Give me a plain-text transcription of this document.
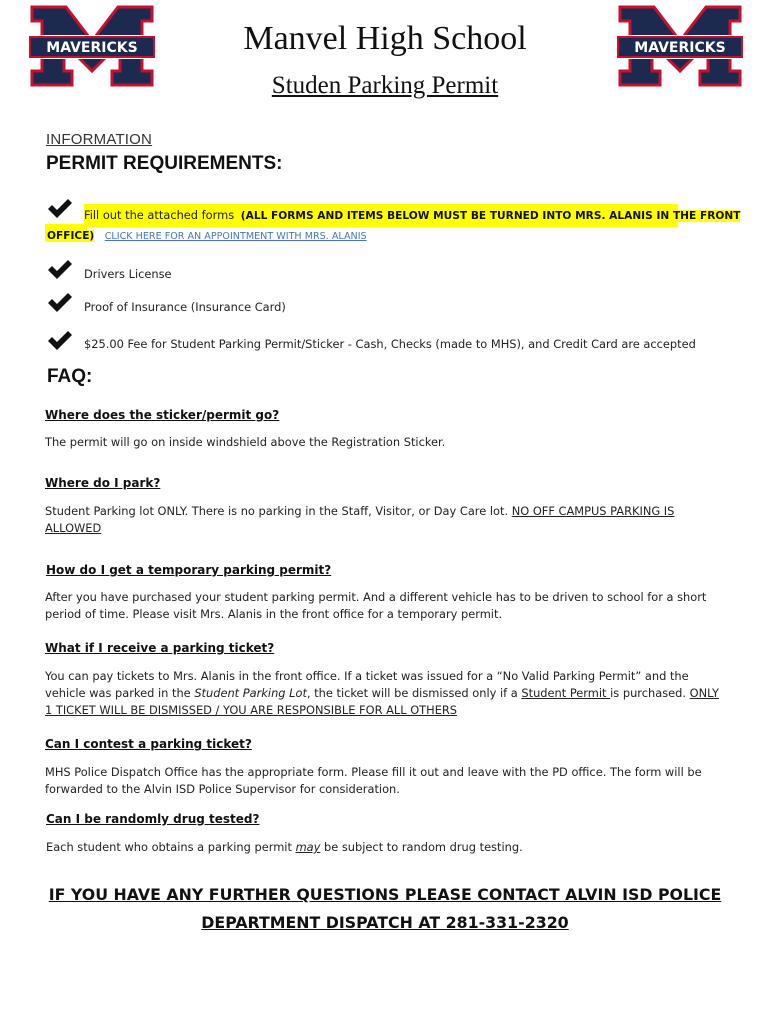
MAVERICKS	MAVERICKS
Manvel High School
Studen Parking Permit
INFORMATION
PERMIT REQUIREMENTS:
Fill out the attached forms (ALL FORMS AND ITEMS BELOW MUST BE TURNED INTO MRS. ALANIS IN THE FRONT
OFFICE) CLICK HERE FOR AN APPOINTMENT WITH MRS. ALANIS
Drivers License
Proof of Insurance (Insurance Card)
$25.00 Fee for Student Parking Permit/Sticker - Cash, Checks (made to MHS), and Credit Card are accepted
FAQ:
Where does the sticker/permit go?
The permit will go on inside windshield above the Registration Sticker.
Where do I park?
Student Parking lot ONLY. There is no parking in the Staff, Visitor, or Day Care lot. NO OFF CAMPUS PARKING IS
ALLOWED
How do I get a temporary parking permit?
After you have purchased your student parking permit. And a different vehicle has to be driven to school for a short
period of time. Please visit Mrs. Alanis in the front office for a temporary permit.
What if I receive a parking ticket?
You can pay tickets to Mrs. Alanis in the front office. If a ticket was issued for a “No Valid Parking Permit” and the
vehicle was parked in the Student Parking Lot, the ticket will be dismissed only if a Student Permit is purchased. ONLY
1 TICKET WILL BE DISMISSED / YOU ARE RESPONSIBLE FOR ALL OTHERS
Can I contest a parking ticket?
MHS Police Dispatch Office has the appropriate form. Please fill it out and leave with the PD office. The form will be
forwarded to the Alvin ISD Police Supervisor for consideration.
Can I be randomly drug tested?
Each student who obtains a parking permit may be subject to random drug testing.
IF YOU HAVE ANY FURTHER QUESTIONS PLEASE CONTACT ALVIN ISD POLICE
DEPARTMENT DISPATCH AT 281-331-2320
